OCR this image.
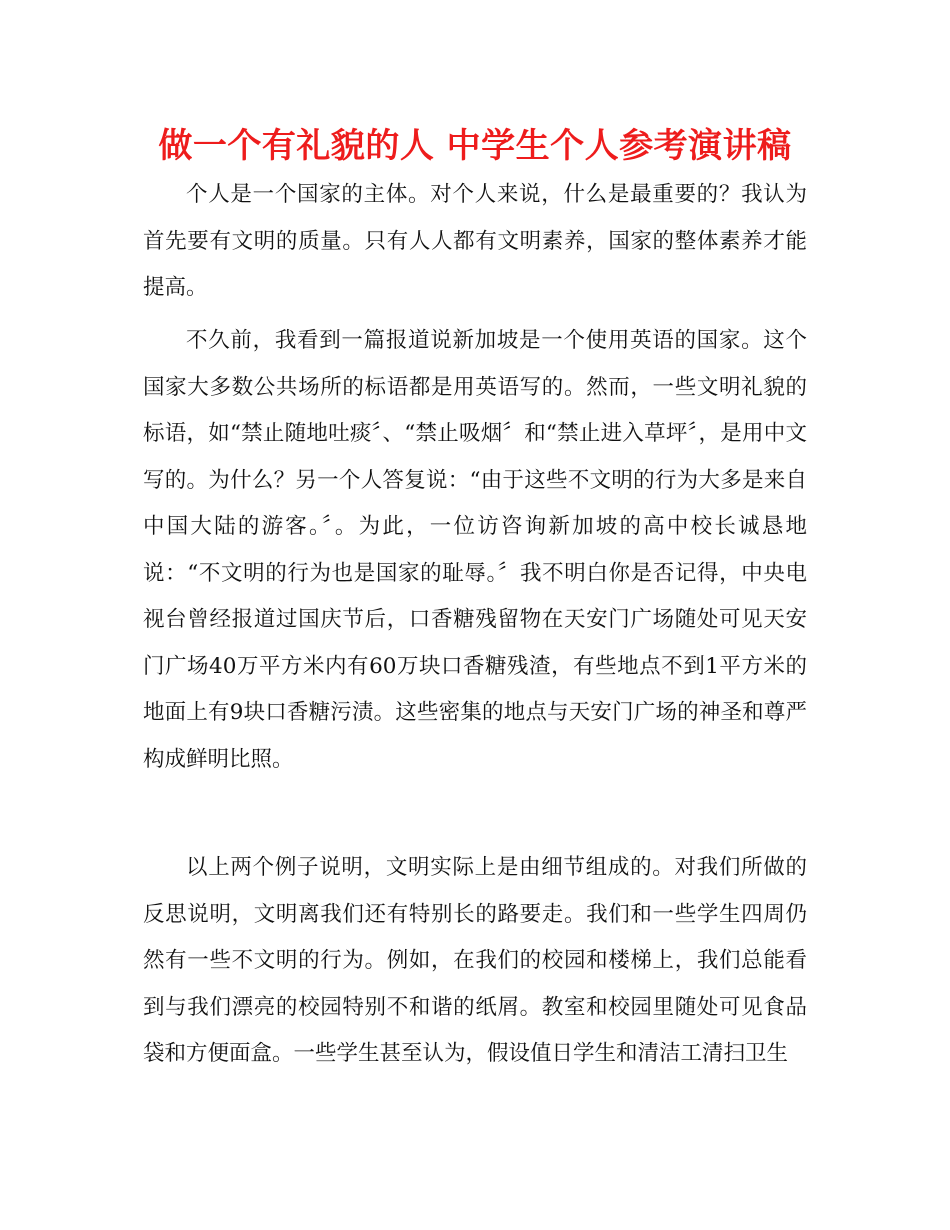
做一个有礼貌的人 中学生个人参考演讲稿

个人是一个国家的主体。对个人来说，什么是最重要的？我认为首先要有文明的质量。只有人人都有文明素养，国家的整体素养才能提高。

不久前，我看到一篇报道说新加坡是一个使用英语的国家。这个国家大多数公共场所的标语都是用英语写的。然而，一些文明礼貌的标语，如“禁止随地吐痰〞、“禁止吸烟〞和“禁止进入草坪〞，是用中文写的。为什么？另一个人答复说：“由于这些不文明的行为大多是来自中国大陆的游客。〞。为此，一位访咨询新加坡的高中校长诚恳地说：“不文明的行为也是国家的耻辱。〞我不明白你是否记得，中央电视台曾经报道过国庆节后，口香糖残留物在天安门广场随处可见天安门广场40万平方米内有60万块口香糖残渣，有些地点不到1平方米的地面上有9块口香糖污渍。这些密集的地点与天安门广场的神圣和尊严构成鲜明比照。

以上两个例子说明，文明实际上是由细节组成的。对我们所做的反思说明，文明离我们还有特别长的路要走。我们和一些学生四周仍然有一些不文明的行为。例如，在我们的校园和楼梯上，我们总能看到与我们漂亮的校园特别不和谐的纸屑。教室和校园里随处可见食品袋和方便面盒。一些学生甚至认为，假设值日学生和清洁工清扫卫生
